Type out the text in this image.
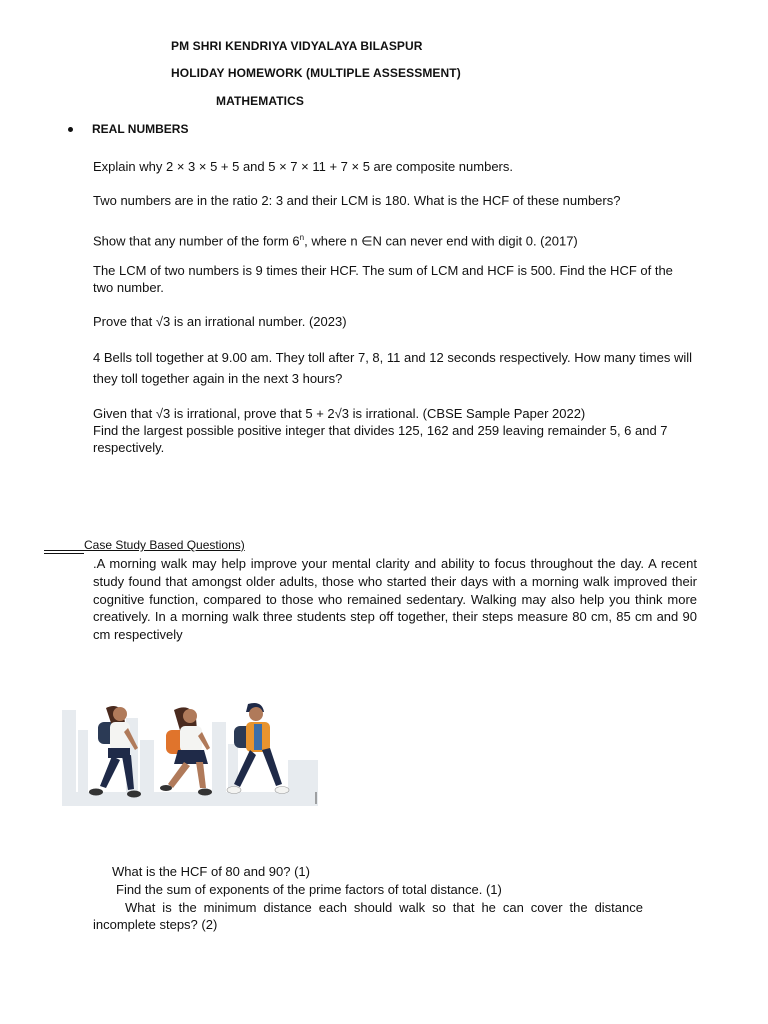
PM SHRI KENDRIYA VIDYALAYA BILASPUR
HOLIDAY HOMEWORK (MULTIPLE ASSESSMENT)
MATHEMATICS
REAL NUMBERS
Explain why 2 × 3 × 5 + 5 and 5 × 7 × 11 + 7 × 5 are composite numbers.
Two numbers are in the ratio 2: 3 and their LCM is 180. What is the HCF of these numbers?
Show that any number of the form 6$^n$, where n ∈N can never end with digit 0. (2017)
The LCM of two numbers is 9 times their HCF. The sum of LCM and HCF is 500. Find the HCF of the two number.
Prove that √3 is an irrational number. (2023)
4 Bells toll together at 9.00 am. They toll after 7, 8, 11 and 12 seconds respectively. How many times will they toll together again in the next 3 hours?
Given that √3 is irrational, prove that 5 + 2√3 is irrational. (CBSE Sample Paper 2022)
Find the largest possible positive integer that divides 125, 162 and 259 leaving remainder 5, 6 and 7 respectively.
Case Study Based Questions)
.A morning walk may help improve your mental clarity and ability to focus throughout the day. A recent study found that amongst older adults, those who started their days with a morning walk improved their cognitive function, compared to those who remained sedentary. Walking may also help you think more creatively. In a morning walk three students step off together, their steps measure 80 cm, 85 cm and 90 cm respectively
What is the HCF of 80 and 90? (1)
Find the sum of exponents of the prime factors of total distance. (1)
What is the minimum distance each should walk so that he can cover the distance incomplete steps? (2)
